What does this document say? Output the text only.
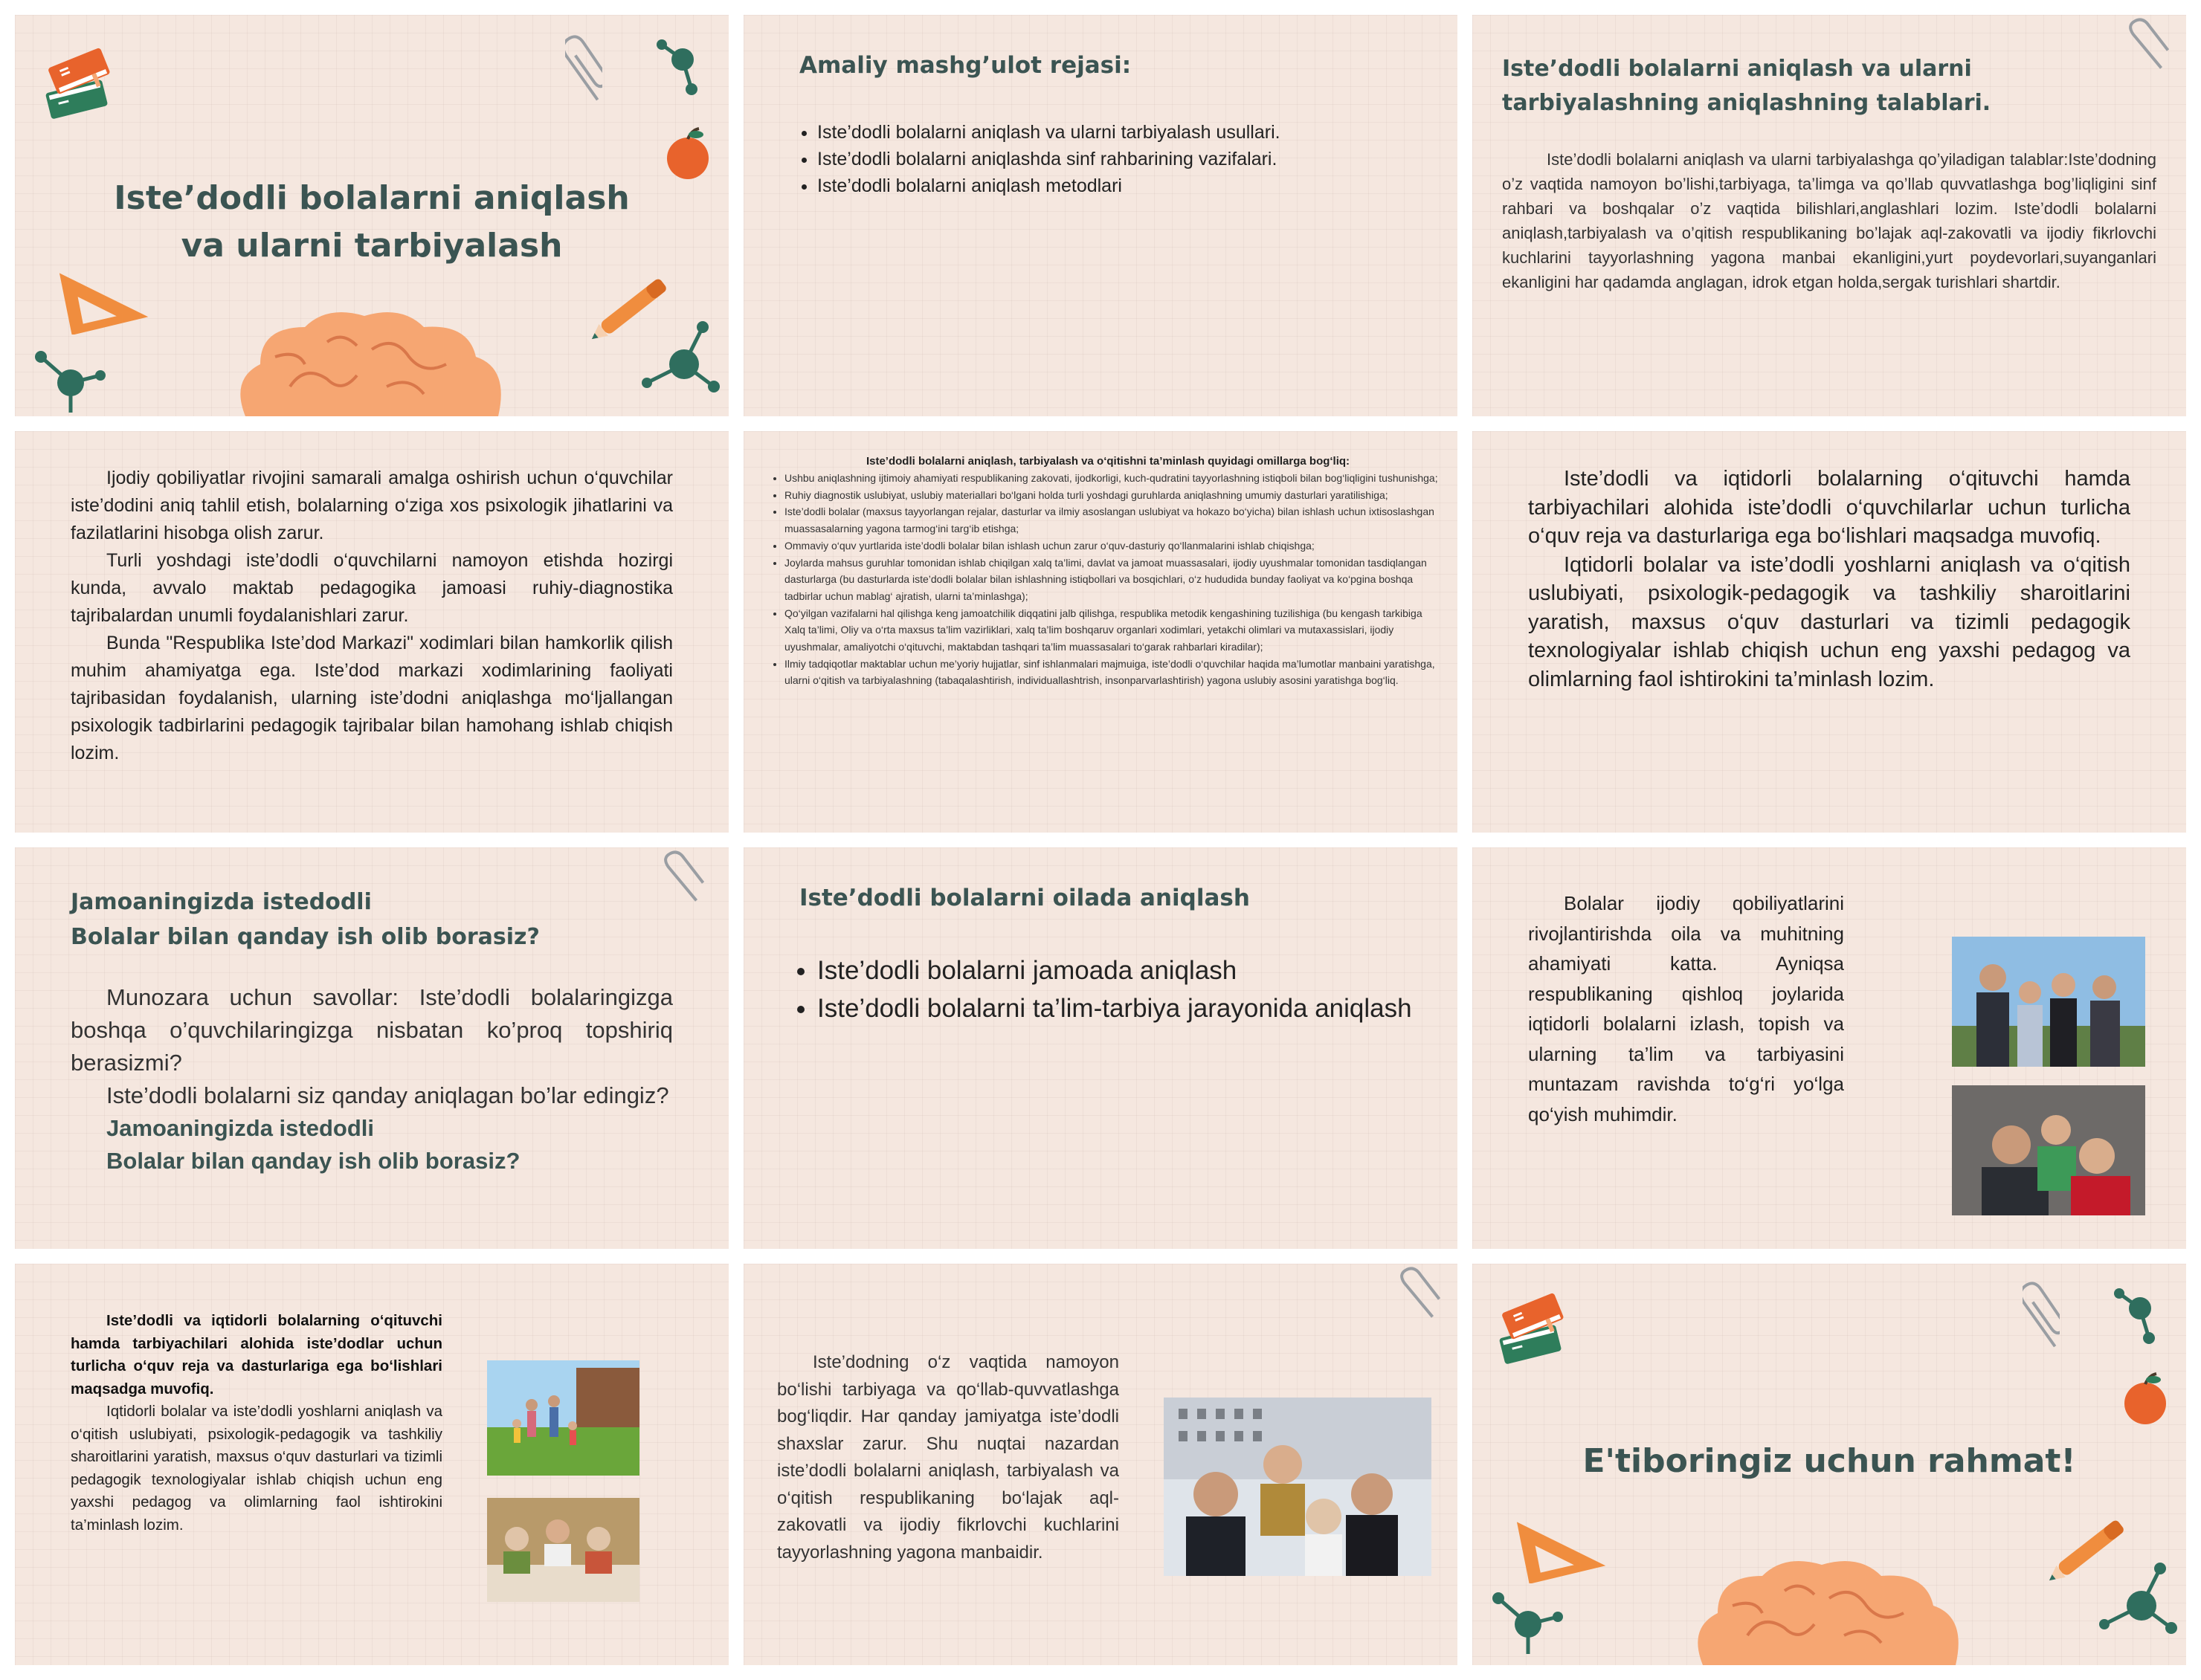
Iste’dodli bolalarni aniqlash
va ularni tarbiyalash
Amaliy mashg’ulot rejasi:
• Iste’dodli bolalarni aniqlash va ularni tarbiyalash usullari.
• Iste’dodli bolalarni aniqlashda sinf rahbarining vazifalari.
• Iste’dodli bolalarni aniqlash metodlari
Iste’dodli bolalarni aniqlash va ularni
tarbiyalashning aniqlashning talablari.
Iste’dodli bolalarni aniqlash va ularni tarbiyalashga qo’yiladigan talablar:Iste’dodning o’z vaqtida namoyon bo’lishi,tarbiyaga, ta’limga va qo’llab quvvatlashga bog’liqligini sinf rahbari va boshqalar o’z vaqtida bilishlari,anglashlari lozim. Iste’dodli bolalarni aniqlash,tarbiyalash va o’qitish respublikaning bo’lajak aql-zakovatli va ijodiy fikrlovchi kuchlarini tayyorlashning yagona manbai ekanligini,yurt poydevorlari,suyanganlari ekanligini har qadamda anglagan, idrok etgan holda,sergak turishlari shartdir.
Ijodiy qobiliyatlar rivojini samarali amalga oshirish uchun o‘quvchilar iste’dodini aniq tahlil etish, bolalarning o‘ziga xos psixologik jihatlarini va fazilatlarini hisobga olish zarur.
Turli yoshdagi iste’dodli o‘quvchilarni namoyon etishda hozirgi kunda, avvalo maktab pedagogika jamoasi ruhiy-diagnostika tajribalardan unumli foydalanishlari zarur.
Bunda "Respublika Iste’dod Markazi" xodimlari bilan hamkorlik qilish muhim ahamiyatga ega. Iste’dod markazi xodimlarining faoliyati tajribasidan foydalanish, ularning iste’dodni aniqlashga mo‘ljallangan psixologik tadbirlarini pedagogik tajribalar bilan hamohang ishlab chiqish lozim.
Iste’dodli bolalarni aniqlash, tarbiyalash va o‘qitishni ta’minlash quyidagi omillarga bog‘liq:
• Ushbu aniqlashning ijtimoiy ahamiyati respublikaning zakovati, ijodkorligi, kuch-qudratini tayyorlashning istiqboli bilan bog‘liqligini tushunishga;
• Ruhiy diagnostik uslubiyat, uslubiy materiallari bo‘lgani holda turli yoshdagi guruhlarda aniqlashning umumiy dasturlari yaratilishiga;
• Iste’dodli bolalar (maxsus tayyorlangan rejalar, dasturlar va ilmiy asoslangan uslubiyat va hokazo bo‘yicha) bilan ishlash uchun ixtisoslashgan muassasalarning yagona tarmog‘ini targ‘ib etishga;
• Ommaviy o‘quv yurtlarida iste’dodli bolalar bilan ishlash uchun zarur o‘quv-dasturiy qo‘llanmalarini ishlab chiqishga;
• Joylarda mahsus guruhlar tomonidan ishlab chiqilgan xalq ta’limi, davlat va jamoat muassasalari, ijodiy uyushmalar tomonidan tasdiqlangan dasturlarga (bu dasturlarda iste’dodli bolalar bilan ishlashning istiqbollari va bosqichlari, o‘z hududida bunday faoliyat va ko‘pgina boshqa tadbirlar uchun mablag‘ ajratish, ularni ta’minlashga);
• Qo‘yilgan vazifalarni hal qilishga keng jamoatchilik diqqatini jalb qilishga, respublika metodik kengashining tuzilishiga (bu kengash tarkibiga Xalq ta’limi, Oliy va o‘rta maxsus ta’lim vazirliklari, xalq ta’lim boshqaruv organlari xodimlari, yetakchi olimlari va mutaxassislari, ijodiy uyushmalar, amaliyotchi o‘qituvchi, maktabdan tashqari ta’lim muassasalari to‘garak rahbarlari kiradilar);
• Ilmiy tadqiqotlar maktablar uchun me’yoriy hujjatlar, sinf ishlanmalari majmuiga, iste’dodli o‘quvchilar haqida ma’lumotlar manbaini yaratishga, ularni o‘qitish va tarbiyalashning (tabaqalashtirish, individuallashtrish, insonparvarlashtirish) yagona uslubiy asosini yaratishga bog‘liq.
Iste’dodli va iqtidorli bolalarning o‘qituvchi hamda tarbiyachilari alohida iste’dodli o‘quvchilarlar uchun turlicha o‘quv reja va dasturlariga ega bo‘lishlari maqsadga muvofiq.
Iqtidorli bolalar va iste’dodli yoshlarni aniqlash va o‘qitish uslubiyati, psixologik-pedagogik va tashkiliy sharoitlarini yaratish, maxsus o‘quv dasturlari va tizimli pedagogik texnologiyalar ishlab chiqish uchun eng yaxshi pedagog va olimlarning faol ishtirokini ta’minlash lozim.
Jamoaningizda istedodli
Bolalar bilan qanday ish olib borasiz?
Munozara uchun savollar: Iste’dodli bolalaringizga boshqa o’quvchilaringizga nisbatan ko’proq topshiriq berasizmi?
Iste’dodli bolalarni siz qanday aniqlagan bo’lar edingiz?
Jamoaningizda istedodli
Bolalar bilan qanday ish olib borasiz?
Iste’dodli bolalarni oilada aniqlash
• Iste’dodli bolalarni jamoada aniqlash
• Iste’dodli bolalarni ta’lim-tarbiya jarayonida aniqlash
Bolalar ijodiy qobiliyatlarini rivojlantirishda oila va muhitning ahamiyati katta. Ayniqsa respublikaning qishloq joylarida iqtidorli bolalarni izlash, topish va ularning ta’lim va tarbiyasini muntazam ravishda to‘g‘ri yo‘lga qo‘yish muhimdir.
Iste’dodli va iqtidorli bolalarning o‘qituvchi hamda tarbiyachilari alohida iste’dodlar uchun turlicha o‘quv reja va dasturlariga ega bo‘lishlari maqsadga muvofiq.
Iqtidorli bolalar va iste’dodli yoshlarni aniqlash va o‘qitish uslubiyati, psixologik-pedagogik va tashkiliy sharoitlarini yaratish, maxsus o‘quv dasturlari va tizimli pedagogik texnologiyalar ishlab chiqish uchun eng yaxshi pedagog va olimlarning faol ishtirokini ta’minlash lozim.
Iste’dodning o‘z vaqtida namoyon bo‘lishi tarbiyaga va qo‘llab-quvvatlashga bog‘liqdir. Har qanday jamiyatga iste’dodli shaxslar zarur. Shu nuqtai nazardan iste’dodli bolalarni aniqlash, tarbiyalash va o‘qitish respublikaning bo‘lajak aql-zakovatli va ijodiy fikrlovchi kuchlarini tayyorlashning yagona manbaidir.
E'tiboringiz uchun rahmat!
